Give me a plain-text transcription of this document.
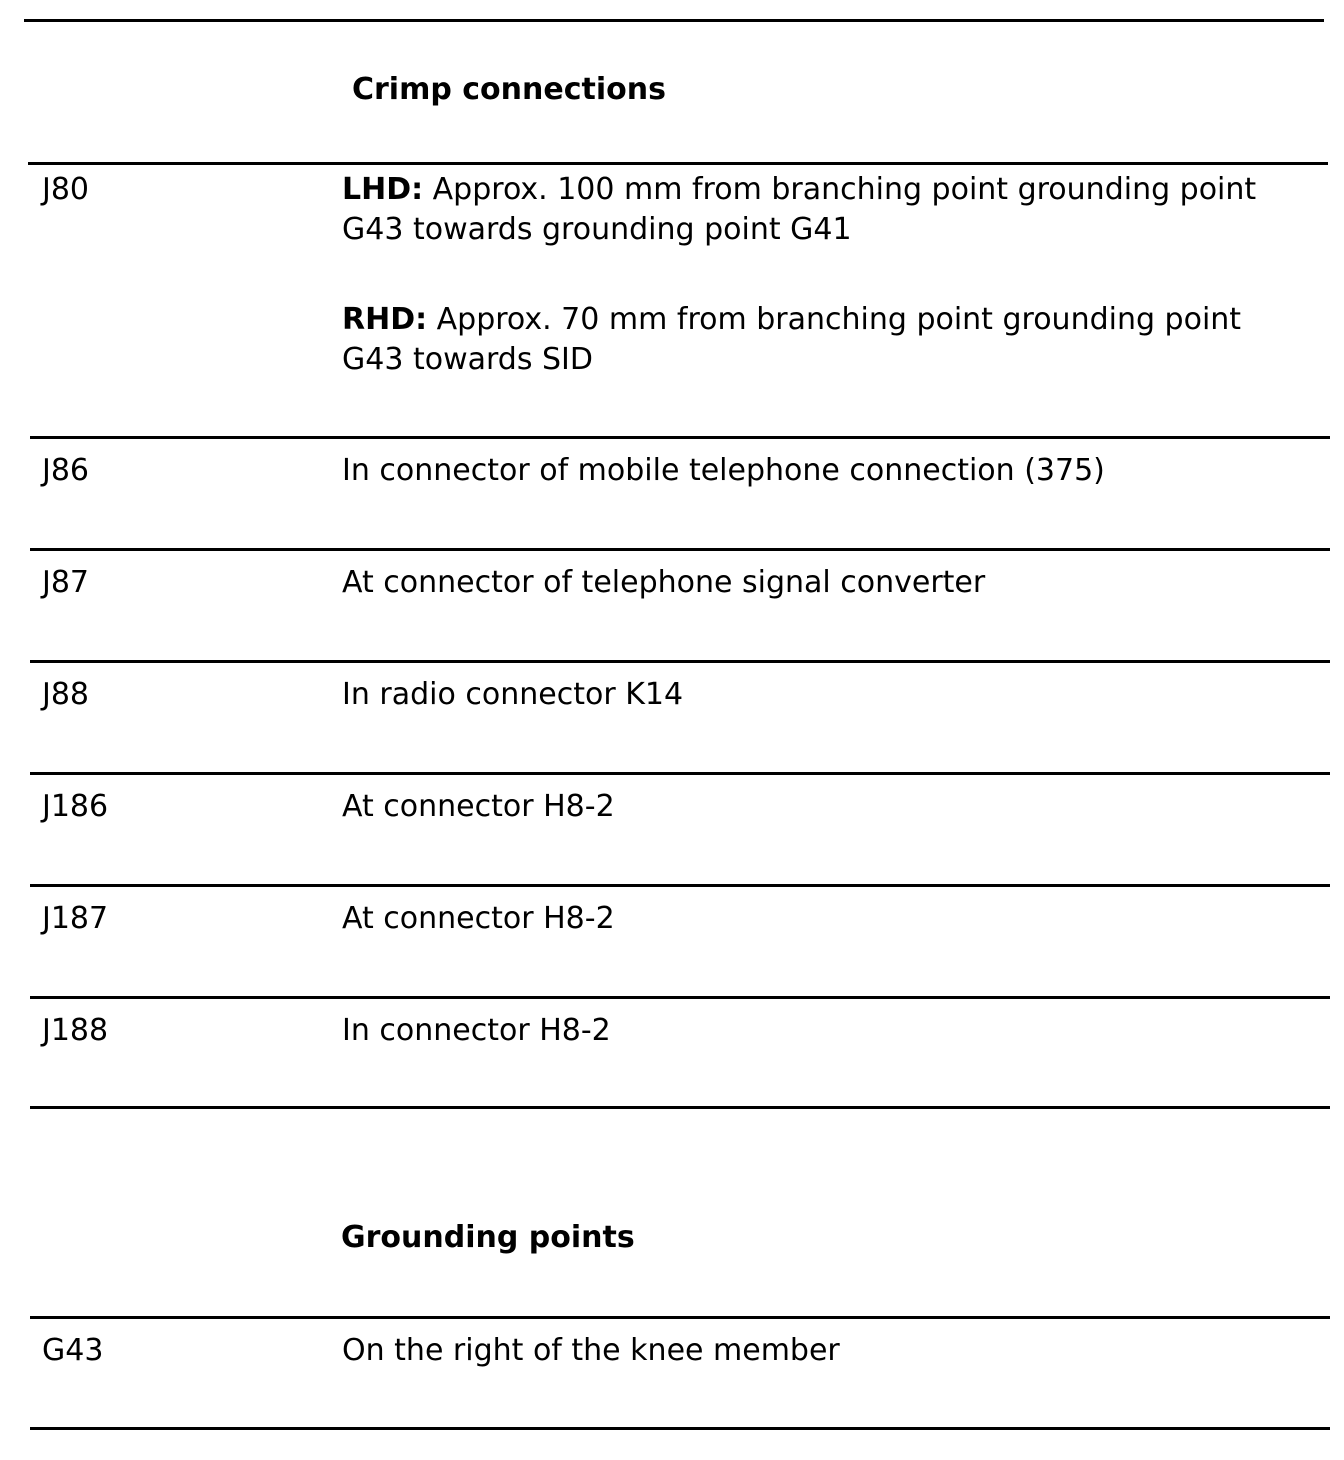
Crimp connections
J80	LHD: Approx. 100 mm from branching point grounding point G43 towards grounding point G41

RHD: Approx. 70 mm from branching point grounding point G43 towards SID

J86	In connector of mobile telephone connection (375)
J87	At connector of telephone signal converter
J88	In radio connector K14
J186	At connector H8-2
J187	At connector H8-2
J188	In connector H8-2
Grounding points
G43	On the right of the knee member
